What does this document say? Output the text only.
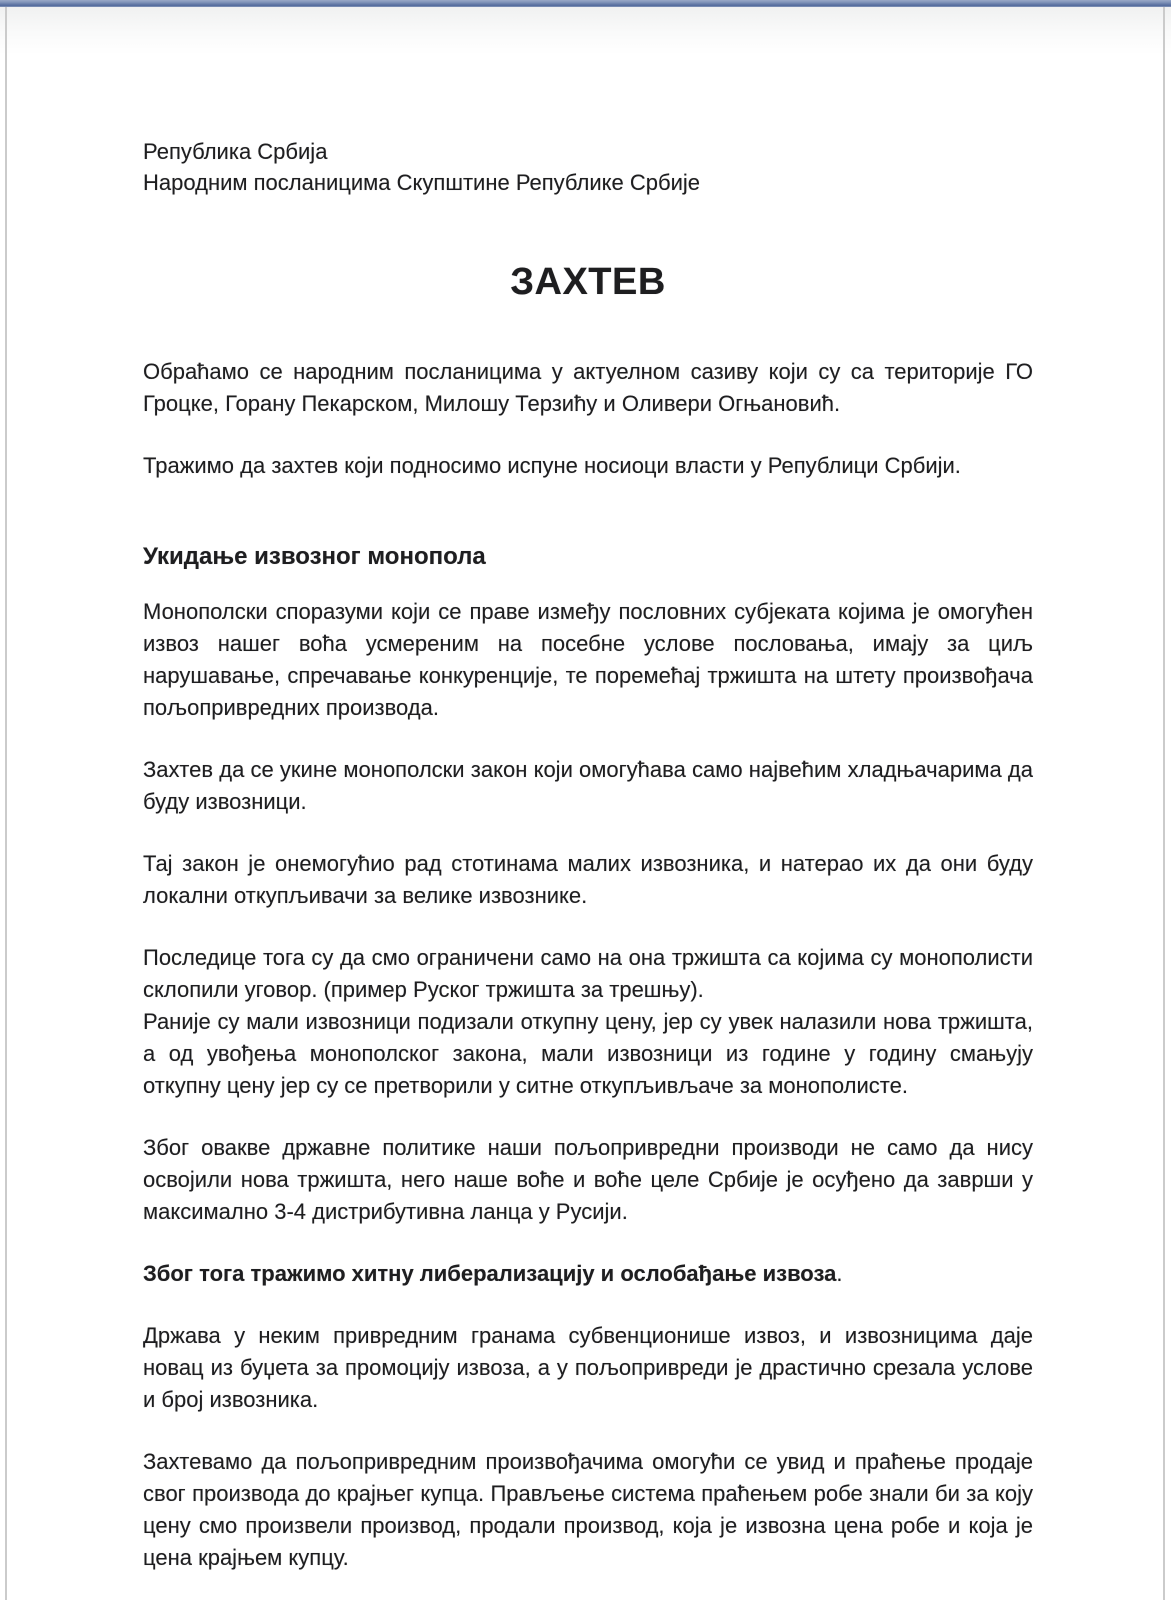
Република Србија
Народним посланицима Скупштине Републике Србије
ЗАХТЕВ

Обраћамо се народним посланицима у актуелном сазиву који су са територије ГО Гроцке, Горану Пекарском, Милошу Терзићу и Оливери Огњановић.

Тражимо да захтев који подносимо испуне носиоци власти у Републици Србији.

Укидање извозног монопола

Монополски споразуми који се праве између пословних субјеката којима је омогућен извоз нашег воћа усмереним на посебне услове пословања, имају за циљ нарушавање, спречавање конкуренције, те поремећај тржишта на штету произвођача пољопривредних производа.

Захтев да се укине монополски закон који омогућава само највећим хладњачарима да буду извозници.

Тај закон је онемогућио рад стотинама малих извозника, и натерао их да они буду локални откупљивачи за велике извознике.

Последице тога су да смо ограничени само на она тржишта са којима су монополисти склопили уговор. (пример Руског тржишта за трешњу).
Раније су мали извозници подизали откупну цену, јер су увек налазили нова тржишта, а од увођења монополског закона, мали извозници из године у годину смањују откупну цену јер су се претворили у ситне откупљивљаче за монополисте.

Због овакве државне политике наши пољопривредни производи не само да нису освојили нова тржишта, него наше воће и воће целе Србије је осуђено да заврши у максимално 3-4 дистрибутивна ланца у Русији.

Због тога тражимо хитну либерализацију и ослобађање извоза.

Држава у неким привредним гранама субвенционише извоз, и извозницима даје новац из буџета за промоцију извоза, а у пољопривреди је драстично срезала услове и број извозника.

Захтевамо да пољопривредним произвођачима омогући се увид и праћење продаје свог производа до крајњег купца. Прављење система праћењем робе знали би за коју цену смо произвели производ, продали производ, која је извозна цена робе и која је цена крајњем купцу.
